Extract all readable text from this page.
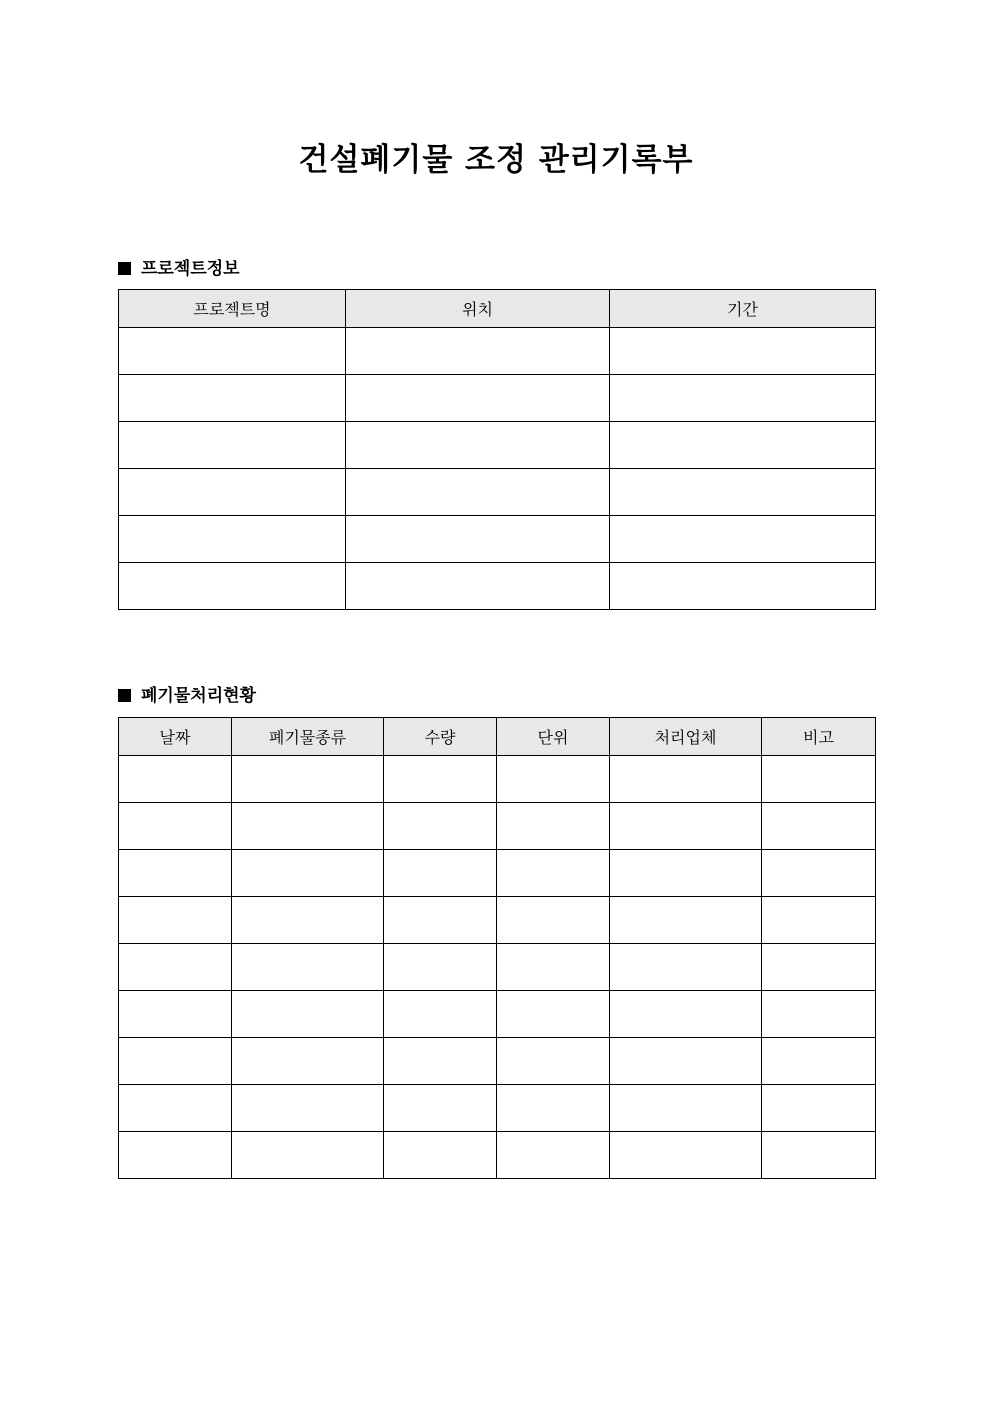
건설폐기물 조정 관리기록부
프로젝트정보
프로젝트명	위치	기간

폐기물처리현황
날짜	폐기물종류	수량	단위	처리업체	비고
